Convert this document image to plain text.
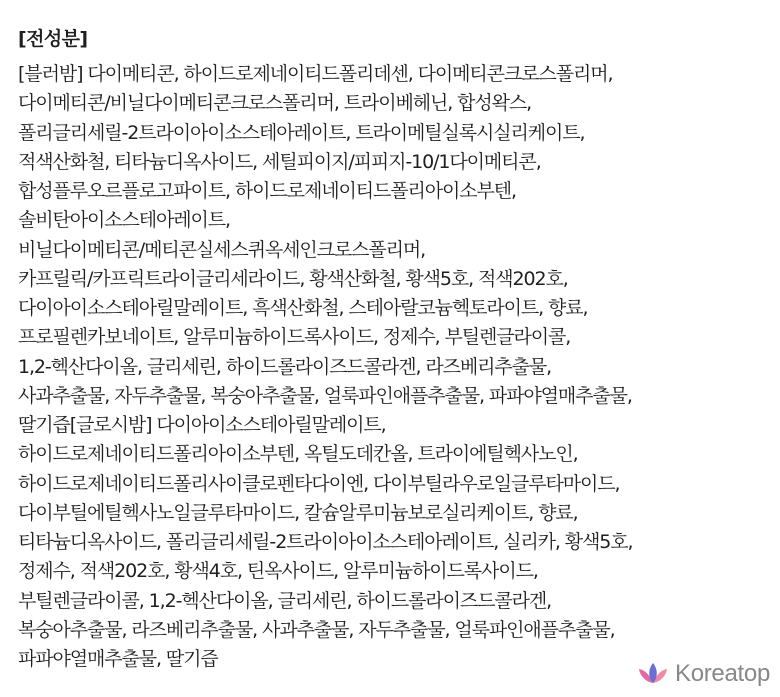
[전성분]
[블러밤] 다이메티콘, 하이드로제네이티드폴리데센, 다이메티콘크로스폴리머,
다이메티콘/비닐다이메티콘크로스폴리머, 트라이베헤닌, 합성왁스,
폴리글리세릴-2트라이아이소스테아레이트, 트라이메틸실록시실리케이트,
적색산화철, 티타늄디옥사이드, 세틸피이지/피피지-10/1다이메티콘,
합성플루오르플로고파이트, 하이드로제네이티드폴리아이소부텐,
솔비탄아이소스테아레이트,
비닐다이메티콘/메티콘실세스퀴옥세인크로스폴리머,
카프릴릭/카프릭트라이글리세라이드, 황색산화철, 황색5호, 적색202호,
다이아이소스테아릴말레이트, 흑색산화철, 스테아랄코늄헥토라이트, 향료,
프로필렌카보네이트, 알루미늄하이드록사이드, 정제수, 부틸렌글라이콜,
1,2-헥산다이올, 글리세린, 하이드롤라이즈드콜라겐, 라즈베리추출물,
사과추출물, 자두추출물, 복숭아추출물, 얼룩파인애플추출물, 파파야열매추출물,
딸기즙[글로시밤] 다이아이소스테아릴말레이트,
하이드로제네이티드폴리아이소부텐, 옥틸도데칸올, 트라이에틸헥사노인,
하이드로제네이티드폴리사이클로펜타다이엔, 다이부틸라우로일글루타마이드,
다이부틸에틸헥사노일글루타마이드, 칼슘알루미늄보로실리케이트, 향료,
티타늄디옥사이드, 폴리글리세릴-2트라이아이소스테아레이트, 실리카, 황색5호,
정제수, 적색202호, 황색4호, 틴옥사이드, 알루미늄하이드록사이드,
부틸렌글라이콜, 1,2-헥산다이올, 글리세린, 하이드롤라이즈드콜라겐,
복숭아추출물, 라즈베리추출물, 사과추출물, 자두추출물, 얼룩파인애플추출물,
파파야열매추출물, 딸기즙
Koreatop
